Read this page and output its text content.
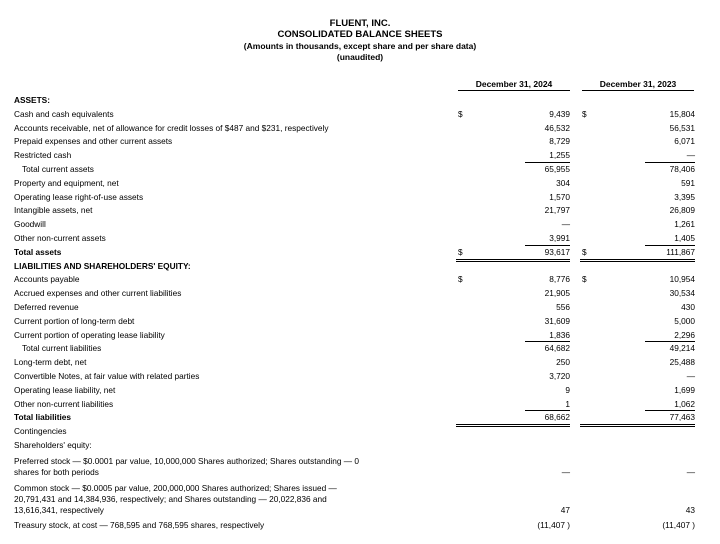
FLUENT, INC.
CONSOLIDATED BALANCE SHEETS
(Amounts in thousands, except share and per share data)
(unaudited)
December 31, 2024	December 31, 2023
ASSETS:
Cash and cash equivalents	$	9,439 $	15,804
Accounts receivable, net of allowance for credit losses of $487 and $231, respectively	46,532	56,531
Prepaid expenses and other current assets	8,729	6,071
Restricted cash	1,255	—
Total current assets	65,955	78,406
Property and equipment, net	304	591
Operating lease right-of-use assets	1,570	3,395
Intangible assets, net	21,797	26,809
Goodwill	—	1,261
Other non-current assets	3,991	1,405
Total assets	$	93,617 $	111,867
LIABILITIES AND SHAREHOLDERS' EQUITY:
Accounts payable	$	8,776 $	10,954
Accrued expenses and other current liabilities	21,905	30,534
Deferred revenue	556	430
Current portion of long-term debt	31,609	5,000
Current portion of operating lease liability	1,836	2,296
Total current liabilities	64,682	49,214
Long-term debt, net	250	25,488
Convertible Notes, at fair value with related parties	3,720	—
Operating lease liability, net	9	1,699
Other non-current liabilities	1	1,062
Total liabilities	68,662	77,463
Contingencies
Shareholders' equity:
Preferred stock — $0.0001 par value, 10,000,000 Shares authorized; Shares outstanding — 0
shares for both periods	—	—
Common stock — $0.0005 par value, 200,000,000 Shares authorized; Shares issued —
20,791,431 and 14,384,936, respectively; and Shares outstanding — 20,022,836 and
13,616,341, respectively	47	43
Treasury stock, at cost — 768,595 and 768,595 shares, respectively	(11,407 )	(11,407 )
